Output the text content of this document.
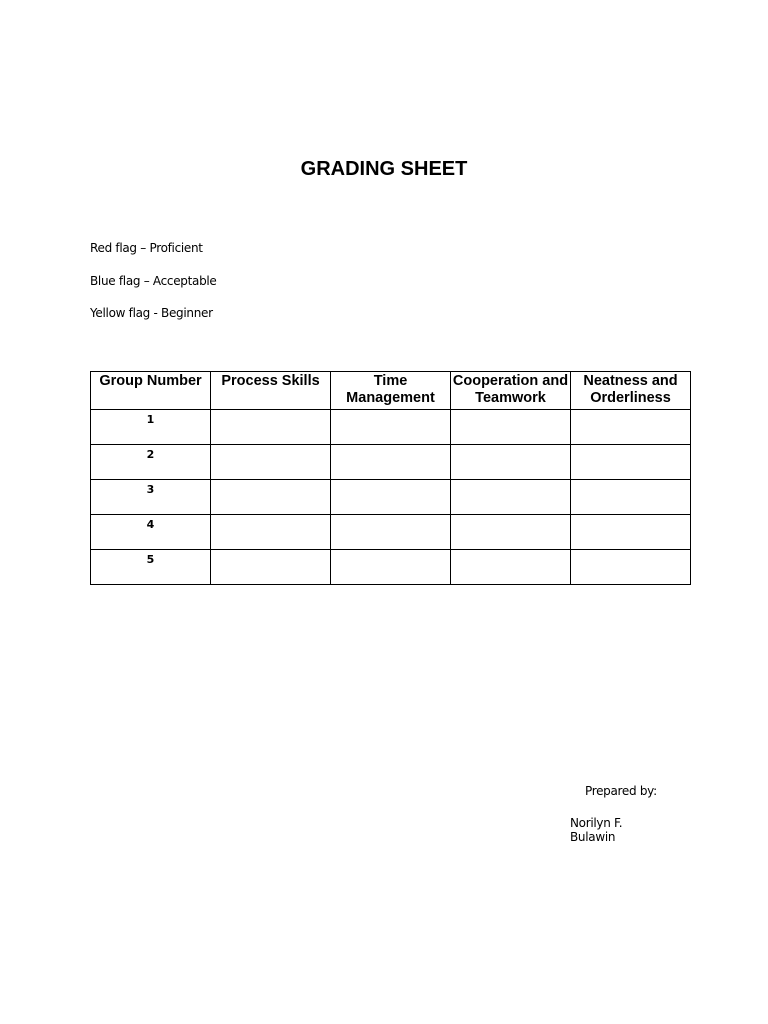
GRADING SHEET
Red flag – Proficient
Blue flag – Acceptable
Yellow flag - Beginner
Group Number	Process Skills	Time Management	Cooperation and Teamwork	Neatness and Orderliness
1				
2				
3				
4				
5				
Prepared by:
Norilyn F. Bulawin
